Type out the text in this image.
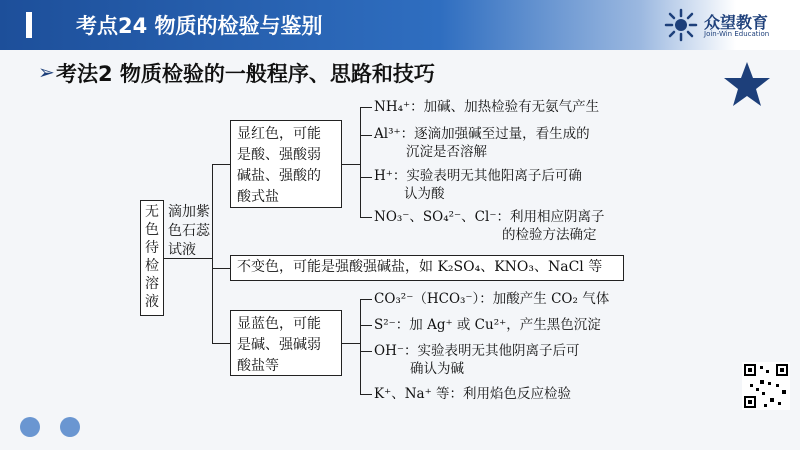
考点24 物质的检验与鉴别	众望教育
Join-Win Education
➢ 考法2 物质检验的一般程序、思路和技巧
无色待检溶液
滴加紫色石蕊试液
显红色，可能
是酸、强酸弱
碱盐、强酸的
酸式盐
不变色，可能是强酸强碱盐，如 K₂SO₄、KNO₃、NaCl 等
显蓝色，可能
是碱、强碱弱
酸盐等
NH₄⁺：加碱、加热检验有无氨气产生
Al³⁺：逐滴加强碱至过量，看生成的
沉淀是否溶解
H⁺：实验表明无其他阳离子后可确
认为酸
NO₃⁻、SO₄²⁻、Cl⁻：利用相应阴离子
的检验方法确定
CO₃²⁻（HCO₃⁻）：加酸产生 CO₂ 气体
S²⁻：加 Ag⁺ 或 Cu²⁺，产生黑色沉淀
OH⁻：实验表明无其他阴离子后可
确认为碱
K⁺、Na⁺ 等：利用焰色反应检验
